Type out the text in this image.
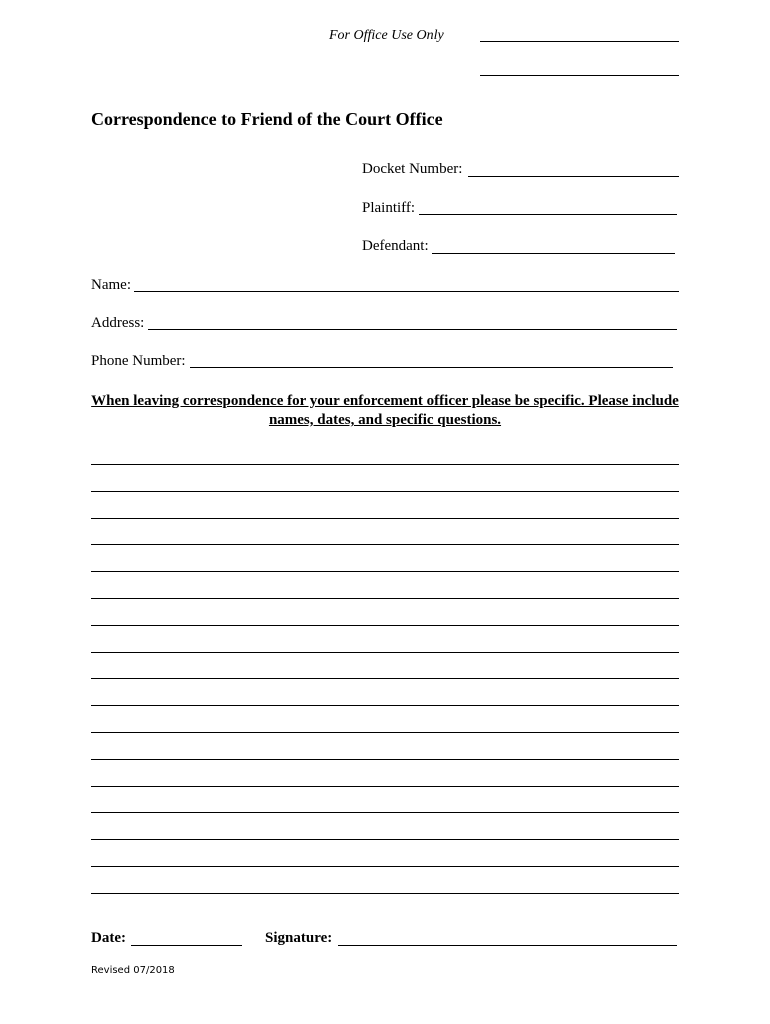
For Office Use Only
Correspondence to Friend of the Court Office
Docket Number:
Plaintiff:
Defendant:
Name:
Address:
Phone Number:
When leaving correspondence for your enforcement officer please be specific. Please include names, dates, and specific questions.
Date:	Signature:
Revised 07/2018
